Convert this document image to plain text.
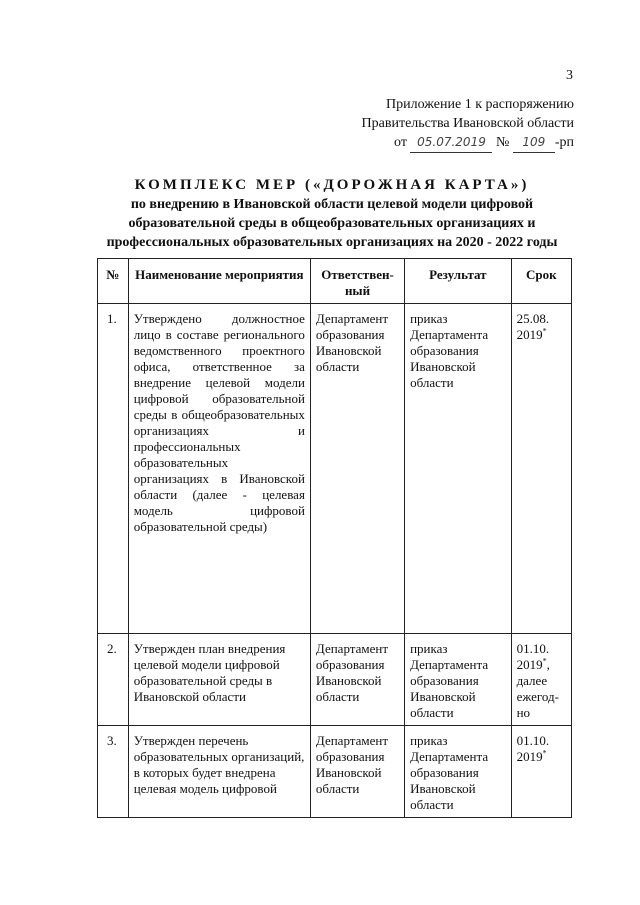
3
Приложение 1 к распоряжению
Правительства Ивановской области
от 05.07.2019 № 109 -рп
КОМПЛЕКС МЕР («ДОРОЖНАЯ КАРТА»)
по внедрению в Ивановской области целевой модели цифровой
образовательной среды в общеобразовательных организациях и
профессиональных образовательных организациях на 2020 - 2022 годы
№	Наименование мероприятия	Ответствен-ный	Результат	Срок
1.	Утверждено должностное лицо в составе регионального ведомственного проектного офиса, ответственное за внедрение целевой модели цифровой образовательной среды в общеобразовательных организациях и профессиональных образовательных организациях в Ивановской области (далее - целевая модель цифровой образовательной среды)	Департамент образования Ивановской области	приказ Департамента образования Ивановской области	25.08. 2019*
2.	Утвержден план внедрения целевой модели цифровой образовательной среды в Ивановской области	Департамент образования Ивановской области	приказ Департамента образования Ивановской области	01.10. 2019*, далее ежегод-но
3.	Утвержден перечень образовательных организаций, в которых будет внедрена целевая модель цифровой	Департамент образования Ивановской области	приказ Департамента образования Ивановской области	01.10. 2019*
